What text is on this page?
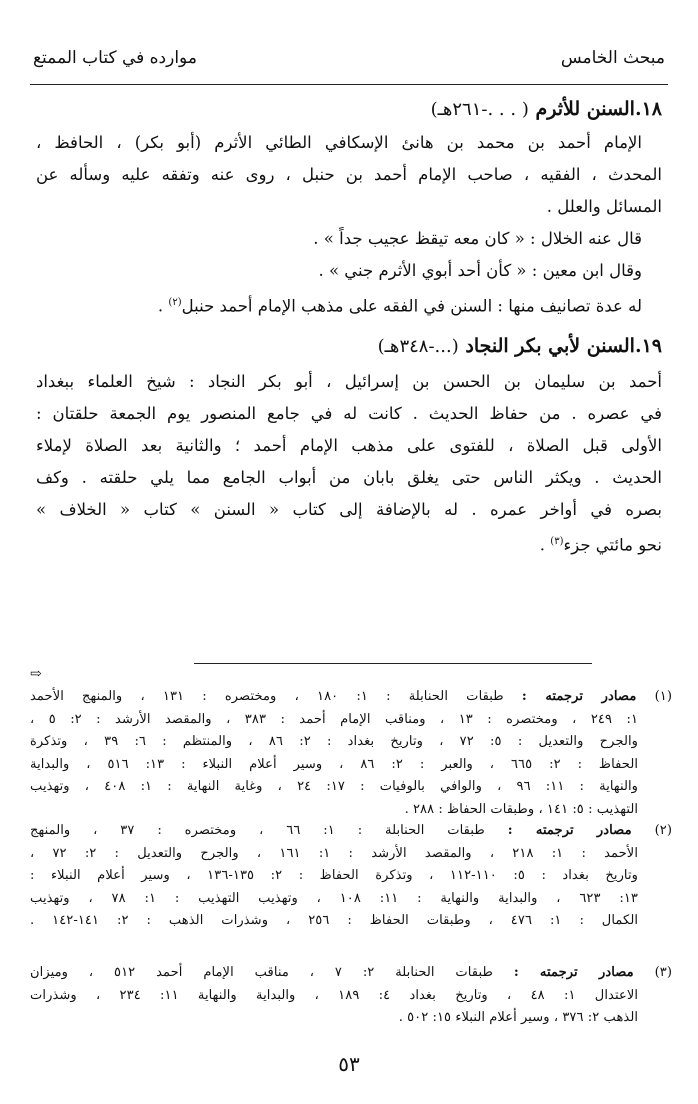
مبحث الخامس
موارده في كتاب الممتع
١٨.السنن للأثرم ( . . .-٢٦١هـ)
الإمام أحمد بن محمد بن هانئ الإسكافي الطائي الأثرم (أبو بكر) ، الحافظ ،
المحدث ، الفقيه ، صاحب الإمام أحمد بن حنبل ، روى عنه وتفقه عليه وسأله عن
المسائل والعلل .
قال عنه الخلال : « كان معه تيقظ عجيب جداً » .
وقال ابن معين : « كأن أحد أبوي الأثرم جني » .
له عدة تصانيف منها : السنن في الفقه على مذهب الإمام أحمد حنبل$^{(٢)}$ .
١٩.السنن لأبي بكر النجاد (...-٣٤٨هـ)
أحمد بن سليمان بن الحسن بن إسرائيل ، أبو بكر النجاد : شيخ العلماء ببغداد
في عصره . من حفاظ الحديث . كانت له في جامع المنصور يوم الجمعة حلقتان :
الأولى قبل الصلاة ، للفتوى على مذهب الإمام أحمد ؛ والثانية بعد الصلاة لإملاء
الحديث . ويكثر الناس حتى يغلق بابان من أبواب الجامع مما يلي حلقته . وكف
بصره في أواخر عمره . له بالإضافة إلى كتاب « السنن » كتاب « الخلاف »
نحو مائتي جزء$^{(٣)}$ .
⇨
(١) مصادر ترجمته : طبقات الحنابلة : ١: ١٨٠ ، ومختصره : ١٣١ ، والمنهج الأحمد
١: ٢٤٩ ، ومختصره : ١٣ ، ومناقب الإمام أحمد : ٣٨٣ ، والمقصد الأرشد : ٢: ٥ ،
والجرح والتعديل : ٥: ٧٢ ، وتاريخ بغداد : ٢: ٨٦ ، والمنتظم : ٦: ٣٩ ، وتذكرة
الحفاظ : ٢: ٦٦٥ ، والعبر : ٢: ٨٦ ، وسير أعلام النبلاء : ١٣: ٥١٦ ، والبداية
والنهاية : ١١: ٩٦ ، والوافي بالوفيات : ١٧: ٢٤ ، وغاية النهاية : ١: ٤٠٨ ، وتهذيب
التهذيب : ٥: ١٤١ ، وطبقات الحفاظ : ٢٨٨ .
(٢) مصادر ترجمته : طبقات الحنابلة : ١: ٦٦ ، ومختصره : ٣٧ ، والمنهج
الأحمد : ١: ٢١٨ ، والمقصد الأرشد : ١: ١٦١ ، والجرح والتعديل : ٢: ٧٢ ،
وتاريخ بغداد : ٥: ١١٠-١١٢ ، وتذكرة الحفاظ : ٢: ١٣٥-١٣٦ ، وسير أعلام النبلاء :
١٣: ٦٢٣ ، والبداية والنهاية : ١١: ١٠٨ ، وتهذيب التهذيب : ١: ٧٨ ، وتهذيب
الكمال : ١: ٤٧٦ ، وطبقات الحفاظ : ٢٥٦ ، وشذرات الذهب : ٢: ١٤١-١٤٢ .
(٣) مصادر ترجمته : طبقات الحنابلة ٢: ٧ ، مناقب الإمام أحمد ٥١٢ ، وميزان
الاعتدال ١: ٤٨ ، وتاريخ بغداد ٤: ١٨٩ ، والبداية والنهاية ١١: ٢٣٤ ، وشذرات
الذهب ٢: ٣٧٦ ، وسير أعلام النبلاء ١٥: ٥٠٢ .
٥٣
